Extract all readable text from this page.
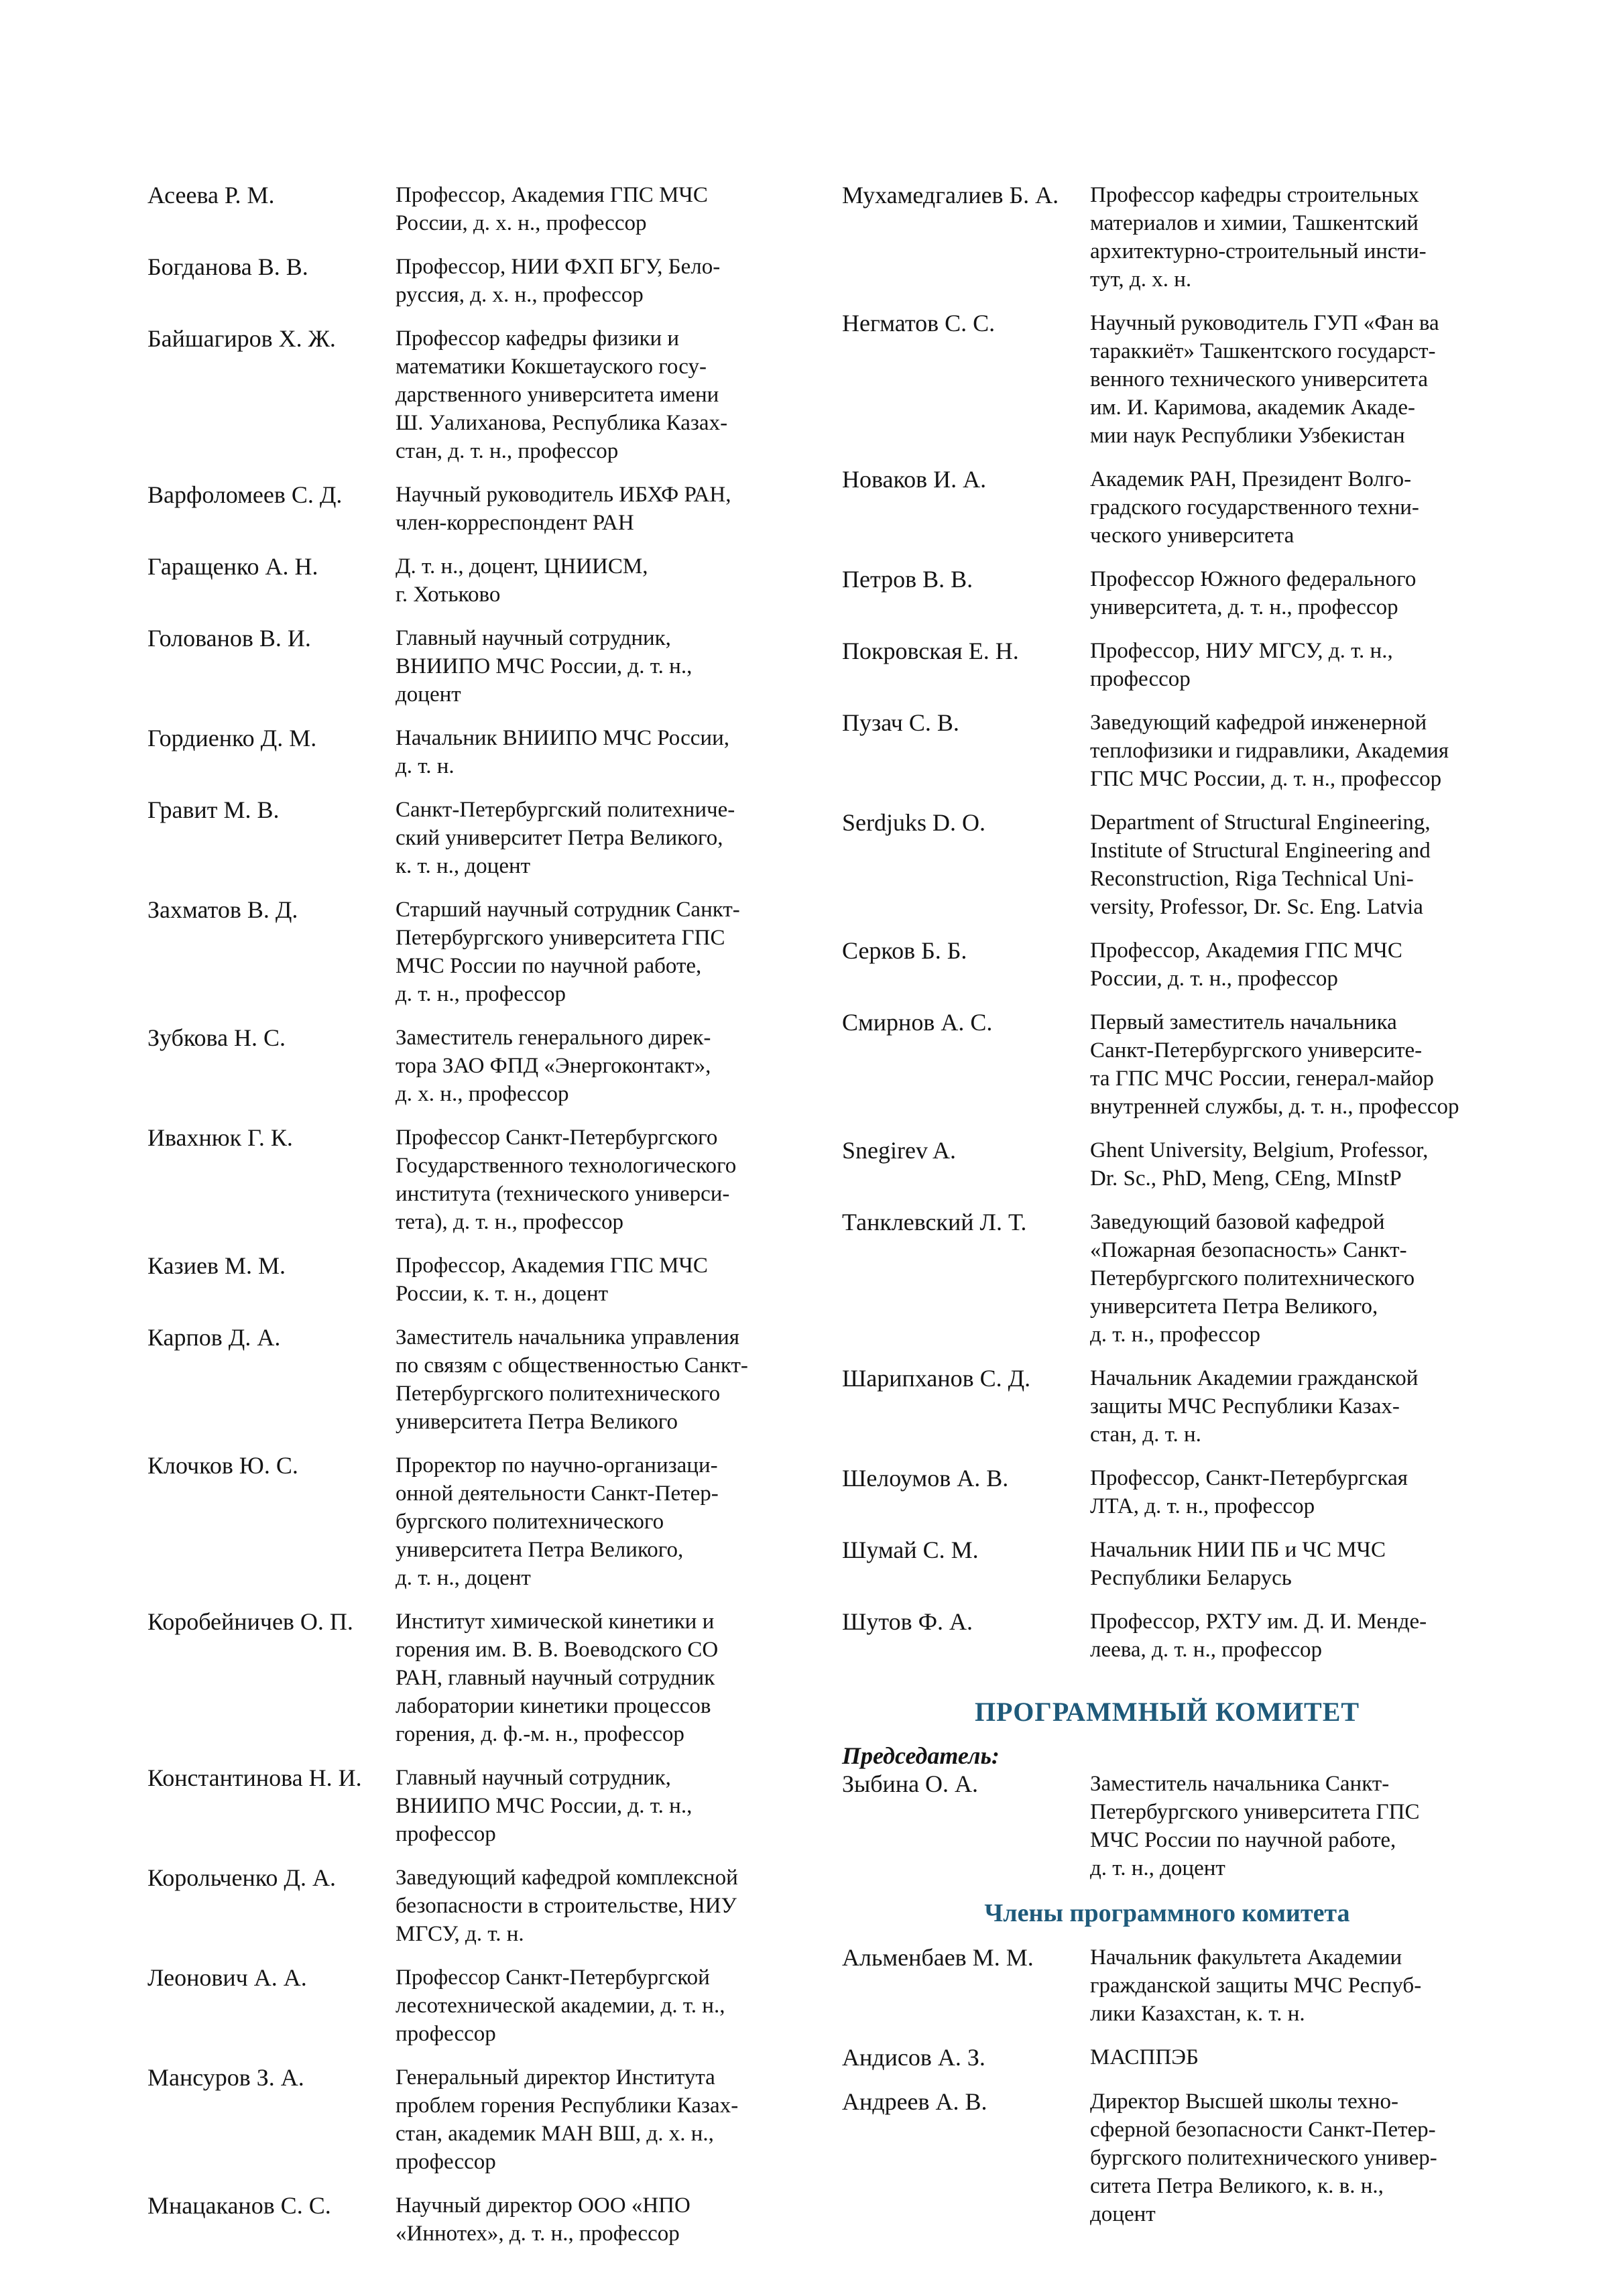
Асеева Р. М.	Профессор, Академия ГПС МЧС
России, д. х. н., профессор
Богданова В. В.	Профессор, НИИ ФХП БГУ, Бело-
руссия, д. х. н., профессор
Байшагиров Х. Ж.	Профессор кафедры физики и
математики Кокшетауского госу-
дарственного университета имени
Ш. Уалиханова, Республика Казах-
стан, д. т. н., профессор
Варфоломеев С. Д.	Научный руководитель ИБХФ РАН,
член-корреспондент РАН
Гаращенко А. Н.	Д. т. н., доцент, ЦНИИСМ,
г. Хотьково
Голованов В. И.	Главный научный сотрудник,
ВНИИПО МЧС России, д. т. н.,
доцент
Гордиенко Д. М.	Начальник ВНИИПО МЧС России,
д. т. н.
Гравит М. В.	Санкт-Петербургский политехниче-
ский университет Петра Великого,
к. т. н., доцент
Захматов В. Д.	Старший научный сотрудник Санкт-
Петербургского университета ГПС
МЧС России по научной работе,
д. т. н., профессор
Зубкова Н. С.	Заместитель генерального дирек-
тора ЗАО ФПД «Энергоконтакт»,
д. х. н., профессор
Ивахнюк Г. К.	Профессор Санкт-Петербургского
Государственного технологического
института (технического универси-
тета), д. т. н., профессор
Казиев М. М.	Профессор, Академия ГПС МЧС
России, к. т. н., доцент
Карпов Д. А.	Заместитель начальника управления
по связям с общественностью Санкт-
Петербургского политехнического
университета Петра Великого
Клочков Ю. С.	Проректор по научно-организаци-
онной деятельности Санкт-Петер-
бургского политехнического
университета Петра Великого,
д. т. н., доцент
Коробейничев О. П.	Институт химической кинетики и
горения им. В. В. Воеводского СО
РАН, главный научный сотрудник
лаборатории кинетики процессов
горения, д. ф.-м. н., профессор
Константинова Н. И.	Главный научный сотрудник,
ВНИИПО МЧС России, д. т. н.,
профессор
Корольченко Д. А.	Заведующий кафедрой комплексной
безопасности в строительстве, НИУ
МГСУ, д. т. н.
Леонович А. А.	Профессор Санкт-Петербургской
лесотехнической академии, д. т. н.,
профессор
Мансуров З. А.	Генеральный директор Института
проблем горения Республики Казах-
стан, академик МАН ВШ, д. х. н.,
профессор
Мнацаканов С. С.	Научный директор ООО «НПО
«Иннотех», д. т. н., профессор
Мухамедгалиев Б. А.	Профессор кафедры строительных
материалов и химии, Ташкентский
архитектурно-строительный инсти-
тут, д. х. н.
Негматов С. С.	Научный руководитель ГУП «Фан ва
тараккиёт» Ташкентского государст-
венного технического университета
им. И. Каримова, академик Акаде-
мии наук Республики Узбекистан
Новаков И. А.	Академик РАН, Президент Волго-
градского государственного техни-
ческого университета
Петров В. В.	Профессор Южного федерального
университета, д. т. н., профессор
Покровская Е. Н.	Профессор, НИУ МГСУ, д. т. н.,
профессор
Пузач С. В.	Заведующий кафедрой инженерной
теплофизики и гидравлики, Академия
ГПС МЧС России, д. т. н., профессор
Serdjuks D. O.	Department of Structural Engineering,
Institute of Structural Engineering and
Reconstruction, Riga Technical Uni-
versity, Professor, Dr. Sc. Eng. Latvia
Серков Б. Б.	Профессор, Академия ГПС МЧС
России, д. т. н., профессор
Смирнов А. С.	Первый заместитель начальника
Санкт-Петербургского университе-
та ГПС МЧС России, генерал-майор
внутренней службы, д. т. н., профессор
Snegirev A.	Ghent University, Belgium, Professor,
Dr. Sc., PhD, Meng, CEng, MInstP
Танклевский Л. Т.	Заведующий базовой кафедрой
«Пожарная безопасность» Санкт-
Петербургского политехнического
университета Петра Великого,
д. т. н., профессор
Шарипханов С. Д.	Начальник Академии гражданской
защиты МЧС Республики Казах-
стан, д. т. н.
Шелоумов А. В.	Профессор, Санкт-Петербургская
ЛТА, д. т. н., профессор
Шумай С. М.	Начальник НИИ ПБ и ЧС МЧС
Республики Беларусь
Шутов Ф. А.	Профессор, РХТУ им. Д. И. Менде-
леева, д. т. н., профессор
ПРОГРАММНЫЙ КОМИТЕТ
Председатель:
Зыбина О. А.	Заместитель начальника Санкт-
Петербургского университета ГПС
МЧС России по научной работе,
д. т. н., доцент
Члены программного комитета
Альменбаев М. М.	Начальник факультета Академии
гражданской защиты МЧС Респуб-
лики Казахстан, к. т. н.
Андисов А. З.	МАСППЭБ
Андреев А. В.	Директор Высшей школы техно-
сферной безопасности Санкт-Петер-
бургского политехнического универ-
ситета Петра Великого, к. в. н.,
доцент
